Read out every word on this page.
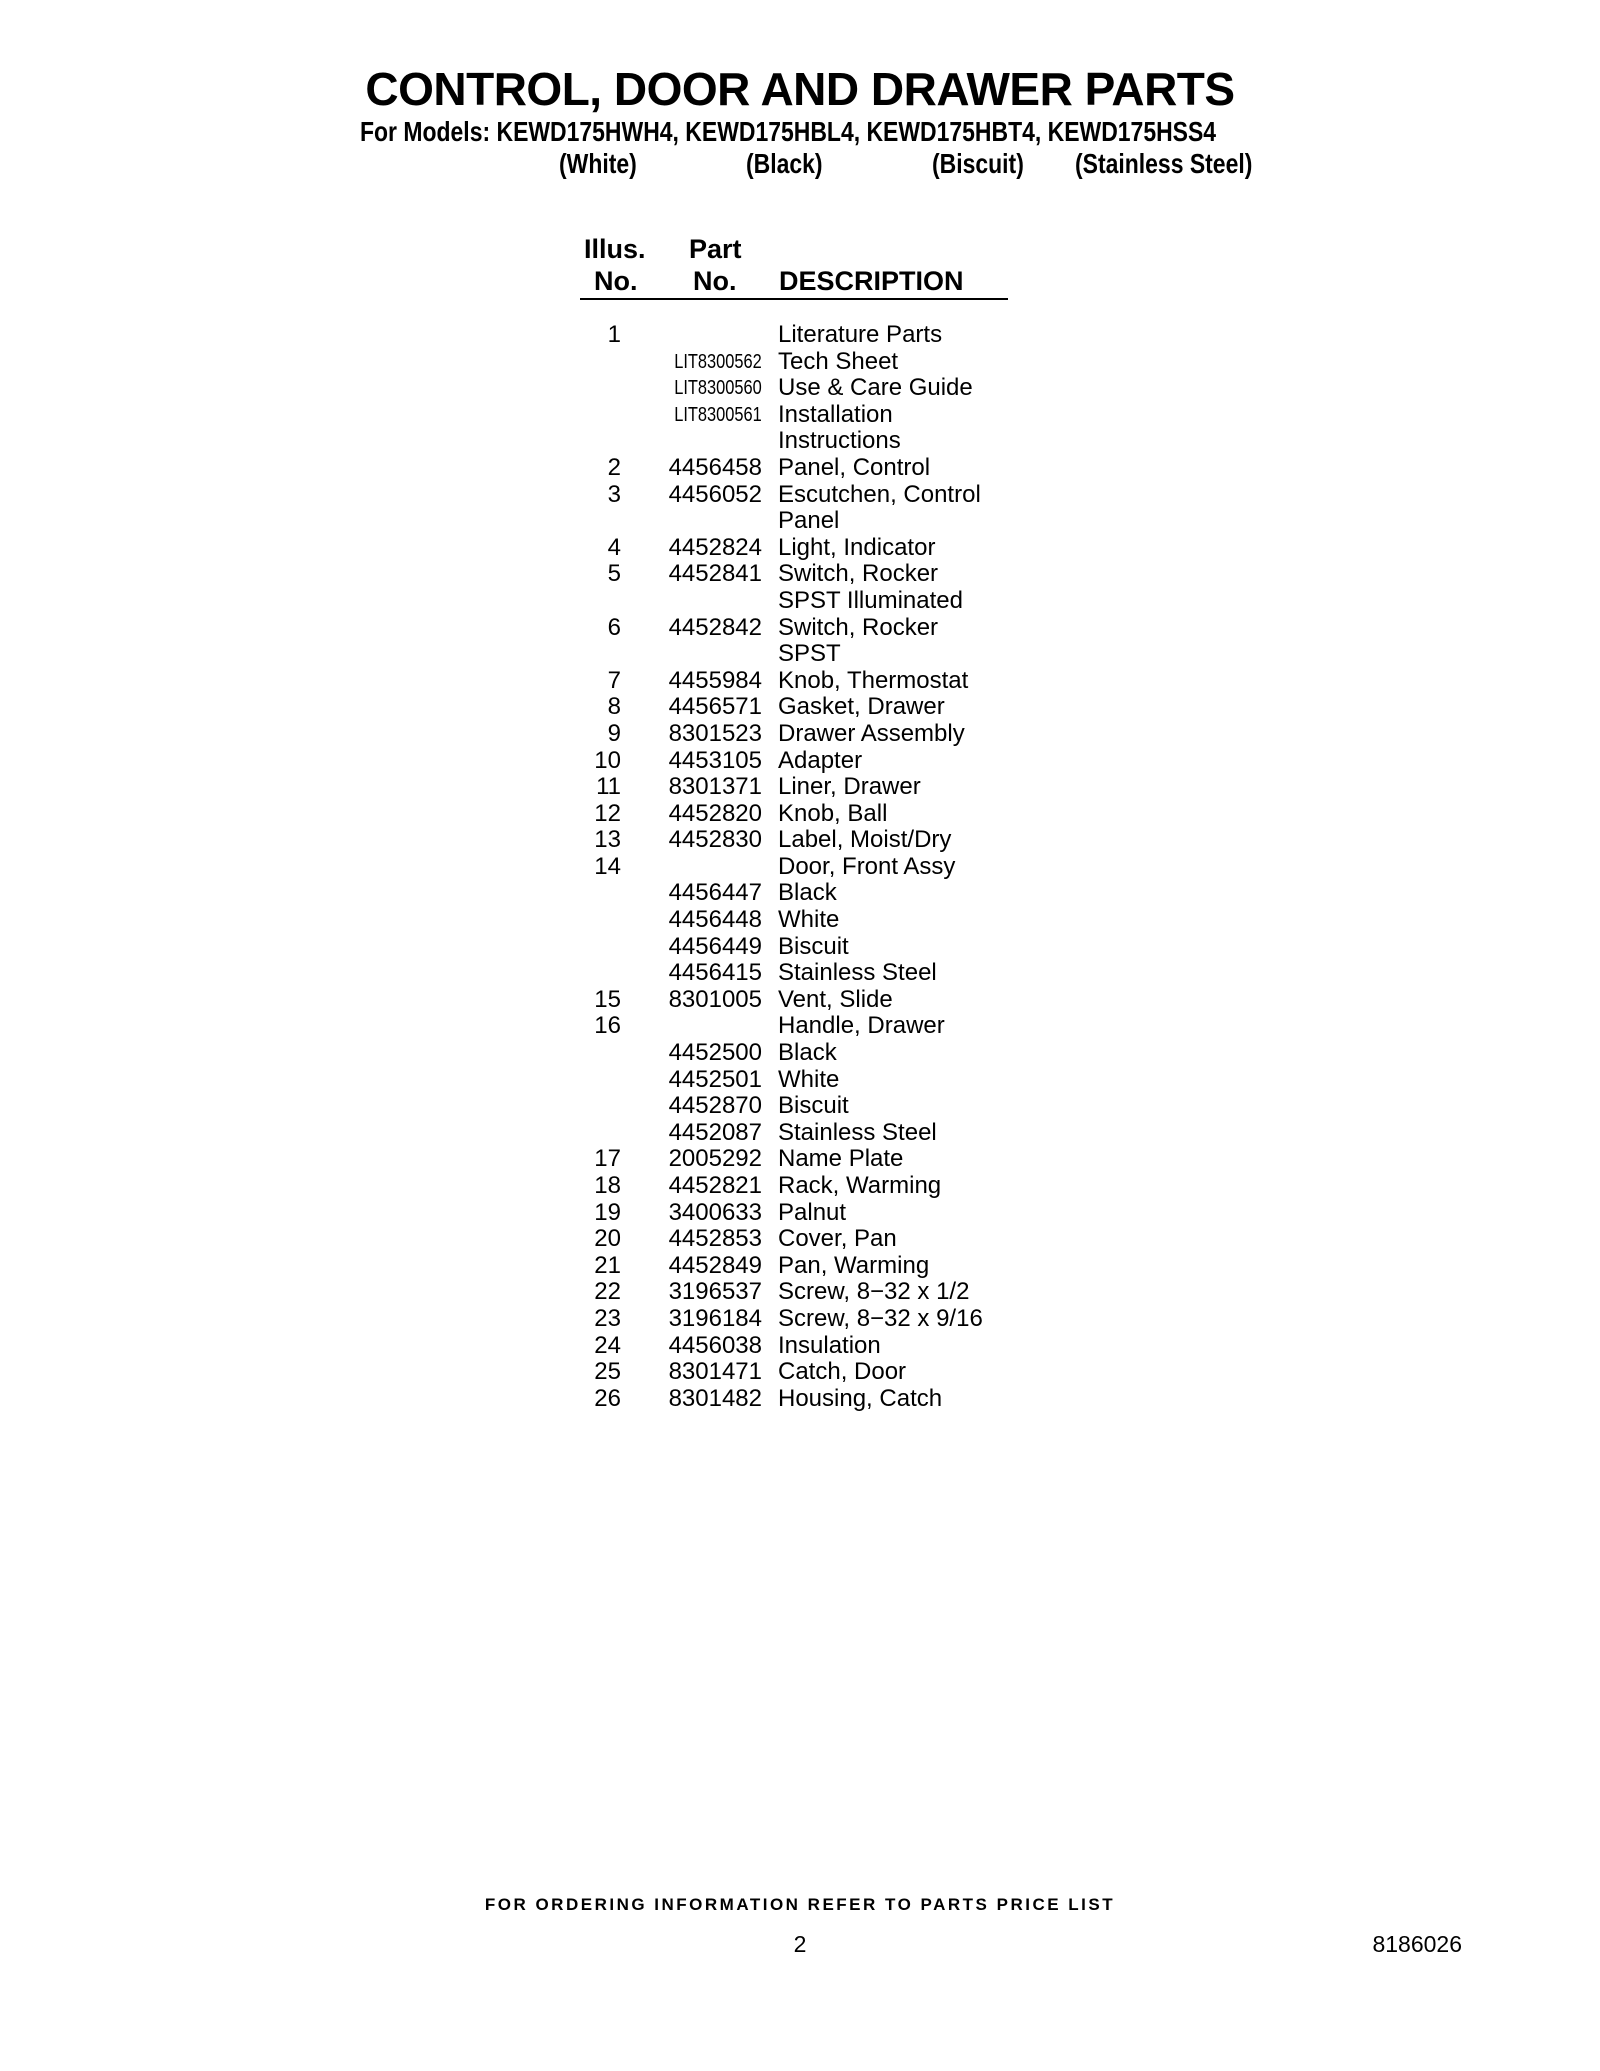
CONTROL, DOOR AND DRAWER PARTS
For Models: KEWD175HWH4, KEWD175HBL4, KEWD175HBT4, KEWD175HSS4
(White)	(Black)	(Biscuit) (Stainless Steel)
Illus.
No.
Part
No. DESCRIPTION
1	Literature Parts
LIT8300562 Tech Sheet
LIT8300560 Use & Care Guide
LIT8300561 Installation
Instructions
2 4456458 Panel, Control
3 4456052 Escutchen, Control
Panel
4 4452824 Light, Indicator
5 4452841 Switch, Rocker
SPST Illuminated
6 4452842 Switch, Rocker
SPST
7 4455984 Knob, Thermostat
8 4456571 Gasket, Drawer
9 8301523 Drawer Assembly
10 4453105 Adapter
11 8301371 Liner, Drawer
12 4452820 Knob, Ball
13 4452830 Label, Moist/Dry
14	Door, Front Assy
4456447 Black
4456448 White
4456449 Biscuit
4456415 Stainless Steel
15 8301005 Vent, Slide
16	Handle, Drawer
4452500 Black
4452501 White
4452870 Biscuit
4452087 Stainless Steel
17 2005292 Name Plate
18 4452821 Rack, Warming
19 3400633 Palnut
20 4452853 Cover, Pan
21 4452849 Pan, Warming
22 3196537 Screw, 8−32 x 1/2
23 3196184 Screw, 8−32 x 9/16
24 4456038 Insulation
25 8301471 Catch, Door
26 8301482 Housing, Catch
FOR ORDERING INFORMATION REFER TO PARTS PRICE LIST
2	8186026
